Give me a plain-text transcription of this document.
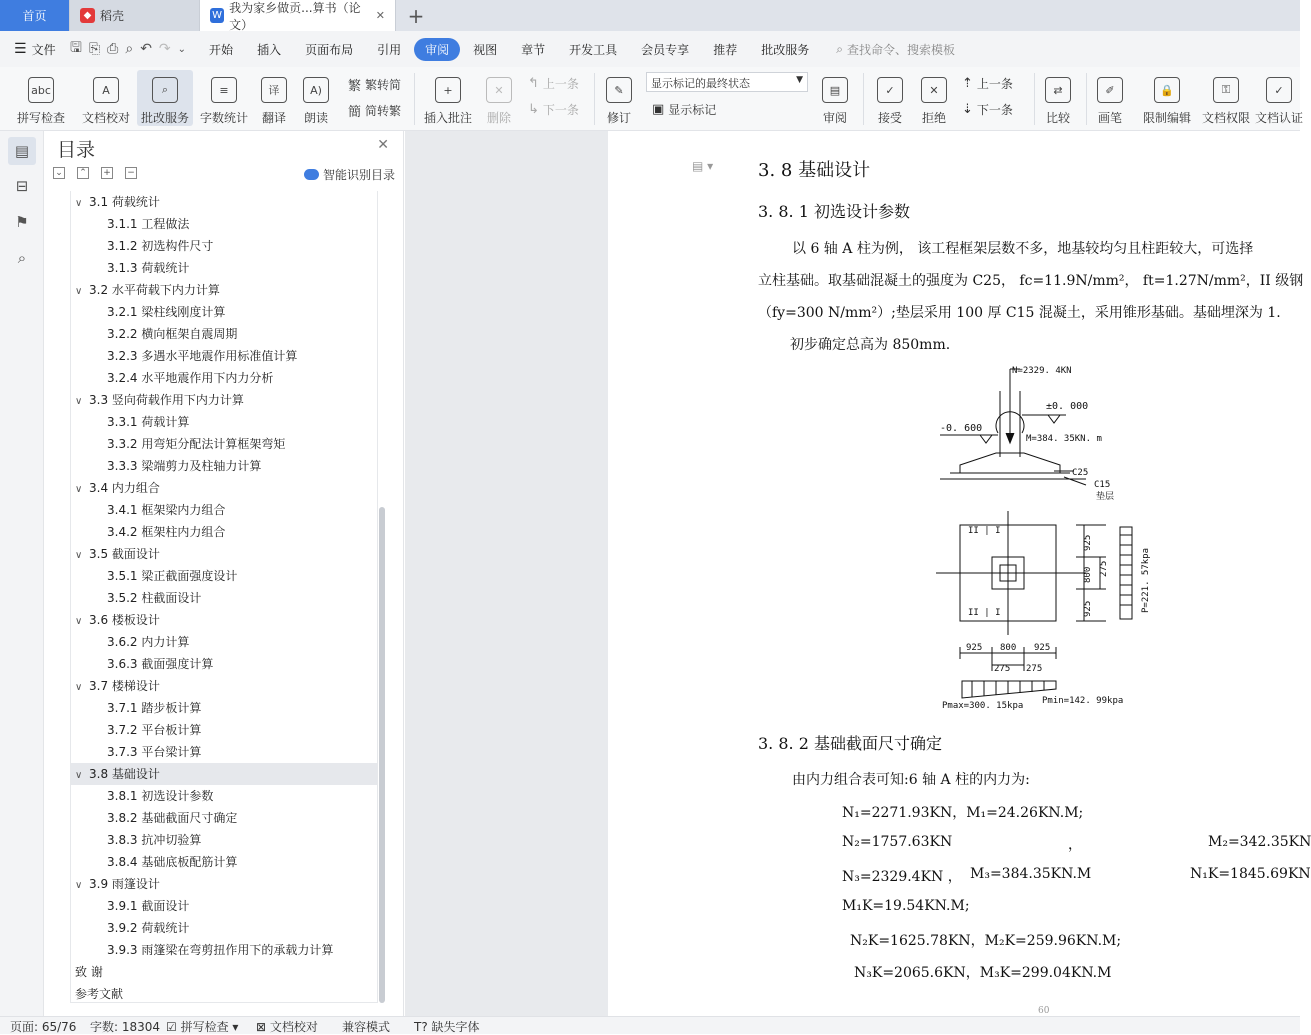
首页	◆ 稻壳	W
我为家乡做贡...算书（论文）
✕ +
☰ 文件 🖫 ⎘ ⎙ ⌕ ↶ ↷ ⌄	开始	插入	页面布局	引用	审阅	视图	章节	开发工具	会员专享	推荐	批改服务	⌕ 查找命令、搜索模板
abc
拼写检查
A
文档校对
⌕
批改服务
≡
字数统计
译
翻译
A)
朗读
繁 繁转简
簡 简转繁
+
插入批注
✕
删除
↰ 上一条
↳ 下一条
✎
修订
显示标记的最终状态	▼
▣ 显示标记
▤
审阅
✓
接受
✕
拒绝
⇡ 上一条
⇣ 下一条
⇄
比较
✐
画笔
🔒
限制编辑
⚿
文档权限
✓
文档认证
▤
⊟
⚑
⌕
目录	✕
⌄ ⌃ + −	智能识别目录
∨ 3.1 荷载统计
3.1.1 工程做法
3.1.2 初选构件尺寸
3.1.3 荷载统计
∨ 3.2 水平荷载下内力计算
3.2.1 梁柱线刚度计算
3.2.2 横向框架自震周期
3.2.3 多遇水平地震作用标准值计算
3.2.4 水平地震作用下内力分析
∨ 3.3 竖向荷载作用下内力计算
3.3.1 荷载计算
3.3.2 用弯矩分配法计算框架弯矩
3.3.3 梁端剪力及柱轴力计算
∨ 3.4 内力组合
3.4.1 框架梁内力组合
3.4.2 框架柱内力组合
∨ 3.5 截面设计
3.5.1 梁正截面强度设计
3.5.2 柱截面设计
∨ 3.6 楼板设计
3.6.2 内力计算
3.6.3 截面强度计算
∨ 3.7 楼梯设计
3.7.1 踏步板计算
3.7.2 平台板计算
3.7.3 平台梁计算
∨ 3.8 基础设计
3.8.1 初选设计参数
3.8.2 基础截面尺寸确定
3.8.3 抗冲切验算
3.8.4 基础底板配筋计算
∨ 3.9 雨篷设计
3.9.1 截面设计
3.9.2 荷载统计
3.9.3 雨篷梁在弯剪扭作用下的承载力计算
致 谢
参考文献
▤ ▾ 3. 8 基础设计
3. 8. 1 初选设计参数
以 6 轴 A 柱为例， 该工程框架层数不多，地基较均匀且柱距较大，可选择
立柱基础。取基础混凝土的强度为 C25， fc=11.9N/mm²， ft=1.27N/mm²，II 级钢
（fy=300 N/mm²）;垫层采用 100 厚 C15 混凝土，采用锥形基础。基础埋深为 1.
初步确定总高为 850mm.
N=2329. 4KN
±0. 000
-0. 600
M=384. 35KN. m
C25
C15
垫层
II | I
II | I
925
275
800
925	P=221. 57kpa
925 800 925
275 275
Pmax=300. 15kpa Pmin=142. 99kpa
3. 8. 2 基础截面尺寸确定
由内力组合表可知:6 轴 A 柱的内力为:
N₁=2271.93KN，M₁=24.26KN.M;
N₂=1757.63KN	，	M₂=342.35KN
N₃=2329.4KN ， M₃=384.35KN.M	N₁K=1845.69KN
M₁K=19.54KN.M;
N₂K=1625.78KN，M₂K=259.96KN.M;
N₃K=2065.6KN，M₃K=299.04KN.M
60
页面: 65/76 字数: 18304 ☑ 拼写检查 ▾ ⊠ 文档校对 兼容模式 T? 缺失字体
